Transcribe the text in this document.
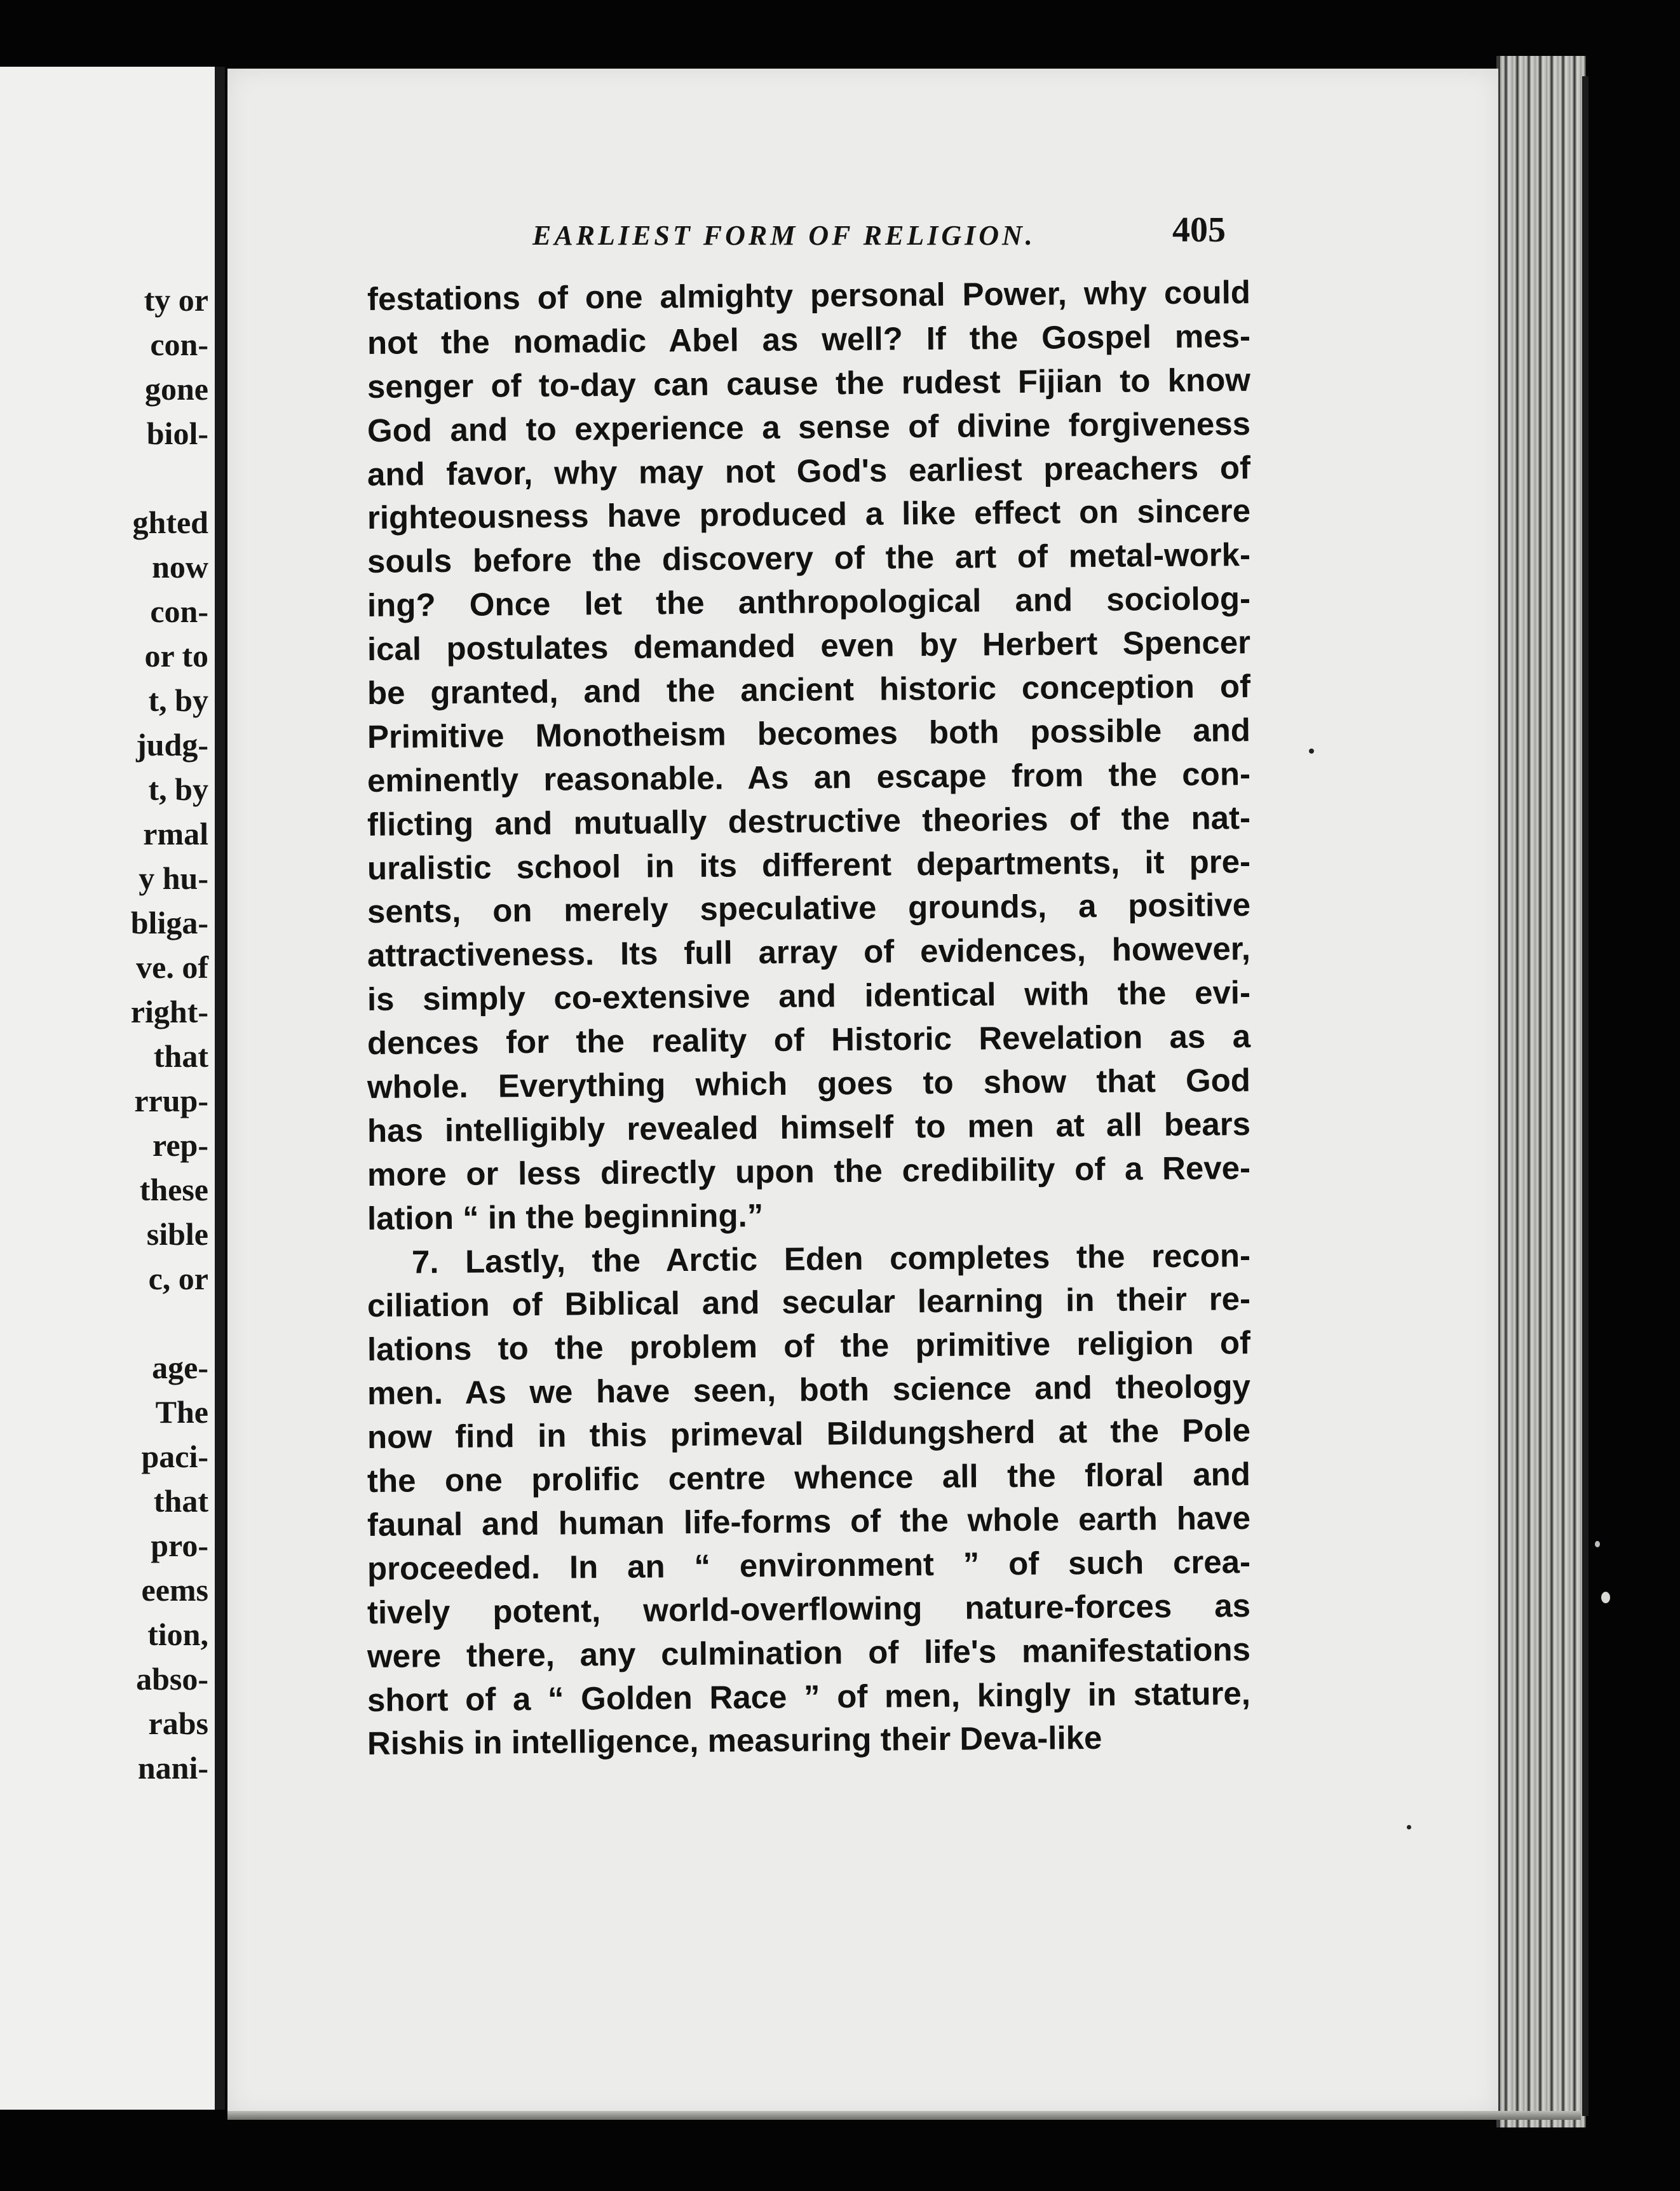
ty or
con-
gone
biol-
ghted
now
con-
or to
t, by
judg-
t, by
rmal
y hu-
bliga-
ve. of
right-
that
rrup-
rep-
these
sible
c, or
age-
The
paci-
that
pro-
eems
tion,
abso-
rabs
nani-

EARLIEST FORM OF RELIGION.	405

festations of one almighty personal Power, why could
not the nomadic Abel as well? If the Gospel mes-
senger of to-day can cause the rudest Fijian to know
God and to experience a sense of divine forgiveness
and favor, why may not God's earliest preachers of
righteousness have produced a like effect on sincere
souls before the discovery of the art of metal-work-
ing? Once let the anthropological and sociolog-
ical postulates demanded even by Herbert Spencer
be granted, and the ancient historic conception of
Primitive Monotheism becomes both possible and
eminently reasonable. As an escape from the con-
flicting and mutually destructive theories of the nat-
uralistic school in its different departments, it pre-
sents, on merely speculative grounds, a positive
attractiveness. Its full array of evidences, however,
is simply co-extensive and identical with the evi-
dences for the reality of Historic Revelation as a
whole. Everything which goes to show that God
has intelligibly revealed himself to men at all bears
more or less directly upon the credibility of a Reve-
lation “ in the beginning.”
7. Lastly, the Arctic Eden completes the recon-
ciliation of Biblical and secular learning in their re-
lations to the problem of the primitive religion of
men. As we have seen, both science and theology
now find in this primeval Bildungsherd at the Pole
the one prolific centre whence all the floral and
faunal and human life-forms of the whole earth have
proceeded. In an “ environment ” of such crea-
tively potent, world-overflowing nature-forces as
were there, any culmination of life's manifestations
short of a “ Golden Race ” of men, kingly in stature,
Rishis in intelligence, measuring their Deva-like
